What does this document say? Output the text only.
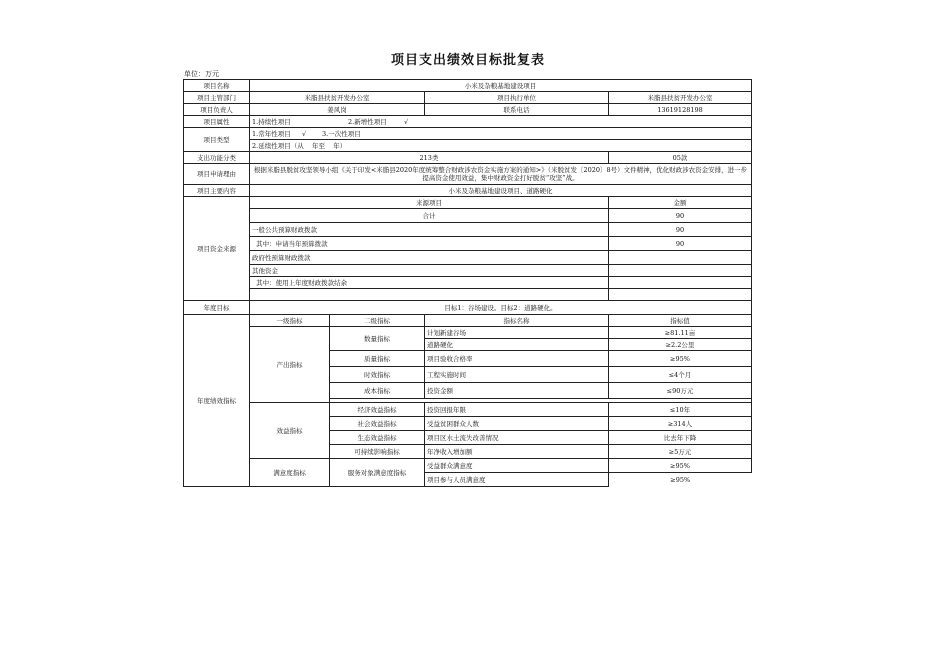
项目支出绩效目标批复表
单位：万元
项目名称	小米及杂粮基地建设项目			
项目主管部门	米脂县扶贫开发办公室		项目执行单位	米脂县扶贫开发办公室
项目负责人	姜风岗		联系电话	13619128198
项目属性	1.持续性项目 2.新增性项目 √			
项目类型	1.常年性项目 √ 3.一次性项目			
	2.延续性项目（从    年至    年）			
支出功能分类	213类			05款
项目申请理由	根据米脂县脱贫攻坚领导小组《关于印发<米脂县2020年度统筹整合财政涉农资金实施方案的通知>》（米脱贫发〔2020〕8号）文件精神，优化财政涉农资金安排，进一步提高资金使用效益，集中财政资金打好脱贫“攻坚”战。			
项目主要内容	小米及杂粮基地建设项目、道路硬化			
项目资金来源	来源项目			金额
	合计			90
	一般公共预算财政拨款			90
	其中：申请当年预算拨款			90
	政府性预算财政拨款			
	其他资金			
	其中：使用上年度财政拨款结余			

年度目标	目标1：谷场建设。目标2：道路硬化。			
年度绩效指标	一级指标	二级指标	指标名称	指标值
	产出指标	数量指标	计划新建谷场	≥81.11亩
			道路硬化	≥2.2公里
		质量指标	项目验收合格率	≥95%
		时效指标	工程实施时间	≤4个月
		成本指标	投资金额	≤90万元

	效益指标	经济效益指标	投资回报年限	≤10年
		社会效益指标	受益贫困群众人数	≥314人
		生态效益指标	项目区水土流失改善情况	比去年下降
		可持续影响指标	年净收入增加额	≥5万元
	满意度指标	服务对象满意度指标	受益群众满意度	≥95%
			项目参与人员满意度	≥95%
